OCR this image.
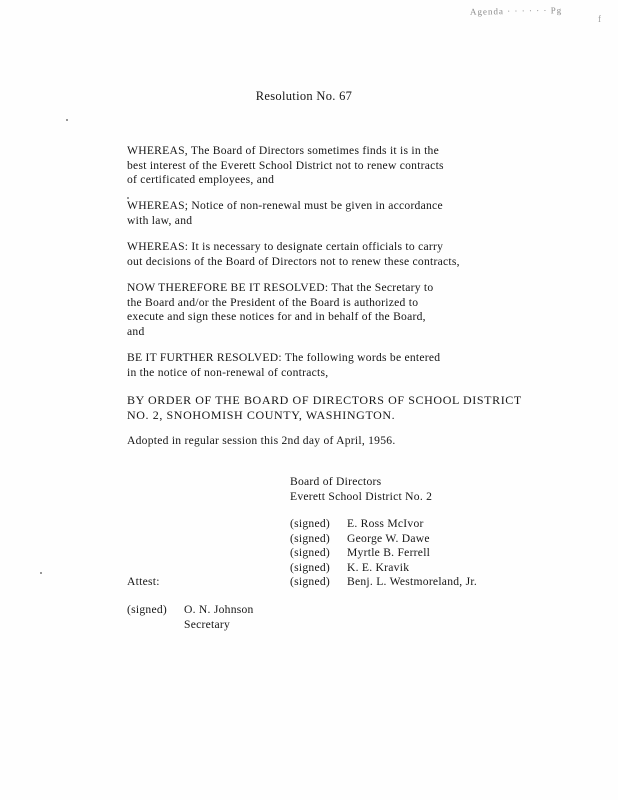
Agenda · · · · · · Pg
f
Resolution No. 67
WHEREAS, The Board of Directors sometimes finds it is in the
best interest of the Everett School District not to renew contracts
of certificated employees, and
WHEREAS; Notice of non-renewal must be given in accordance
with law, and
WHEREAS: It is necessary to designate certain officials to carry
out decisions of the Board of Directors not to renew these contracts,
NOW THEREFORE BE IT RESOLVED: That the Secretary to
the Board and/or the President of the Board is authorized to
execute and sign these notices for and in behalf of the Board,
and
BE IT FURTHER RESOLVED: The following words be entered
in the notice of non-renewal of contracts,
BY ORDER OF THE BOARD OF DIRECTORS OF SCHOOL DISTRICT
NO. 2, SNOHOMISH COUNTY, WASHINGTON.
Adopted in regular session this 2nd day of April, 1956.
Board of Directors
Everett School District No. 2
(signed) E. Ross McIvor
(signed) George W. Dawe
(signed) Myrtle B. Ferrell
(signed) K. E. Kravik
(signed) Benj. L. Westmoreland, Jr.
Attest:
(signed) O. N. Johnson
Secretary
